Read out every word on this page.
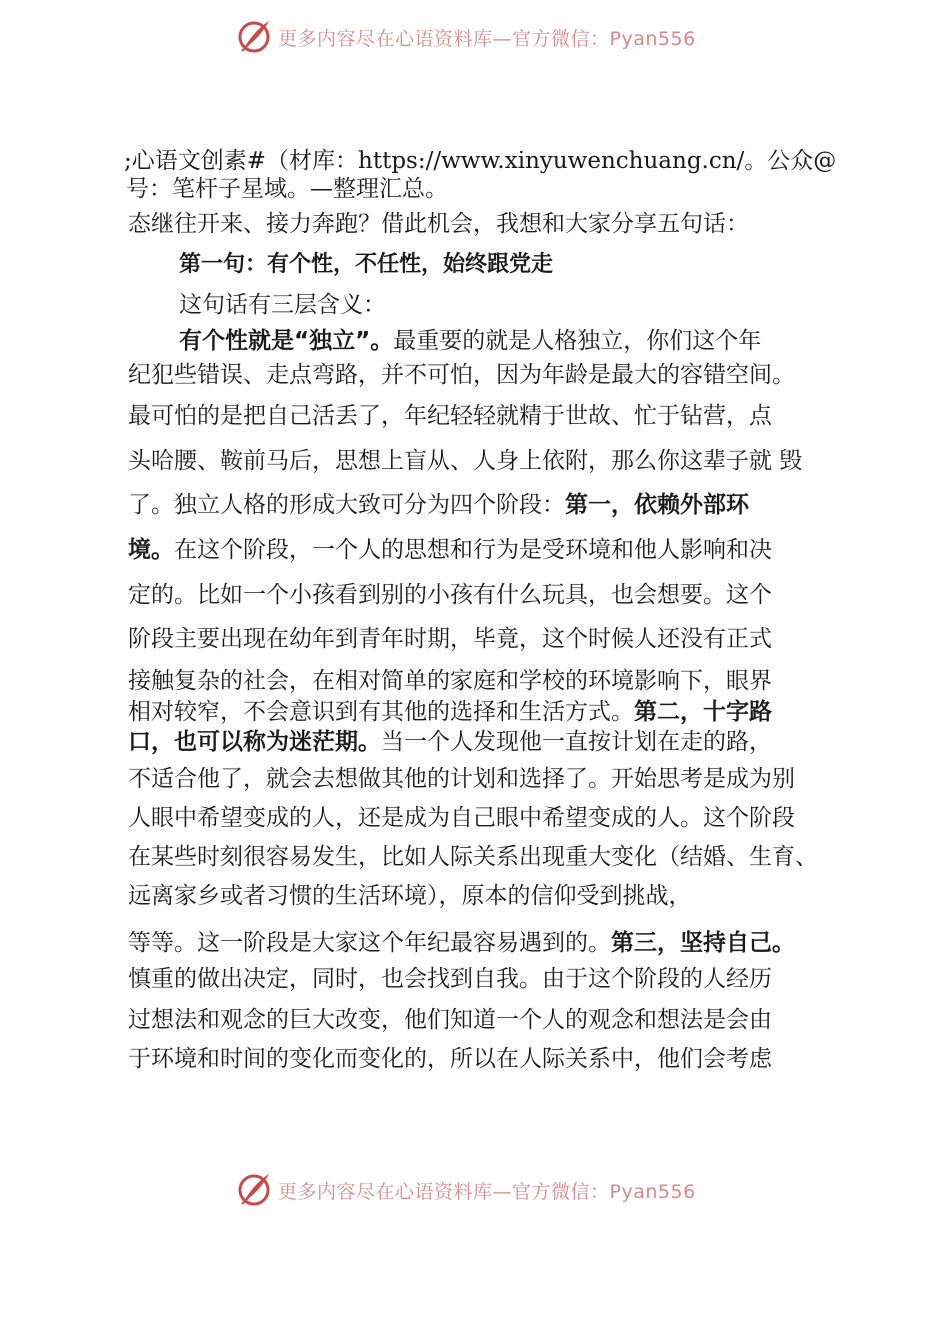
更多内容尽在心语资料库—官方微信：Pyan556
;心语文创素#（材库：https://www.xinyuwenchuang.cn/。公众@
号：笔杆子星域。—整理汇总。
态继往开来、接力奔跑？借此机会，我想和大家分享五句话：
第一句：有个性，不任性，始终跟党走
这句话有三层含义：
有个性就是“独立”。最重要的就是人格独立，你们这个年
纪犯些错误、走点弯路，并不可怕，因为年龄是最大的容错空间。
最可怕的是把自己活丢了，年纪轻轻就精于世故、忙于钻营，点
头哈腰、鞍前马后，思想上盲从、人身上依附，那么你这辈子就 毁
了。独立人格的形成大致可分为四个阶段：第一，依赖外部环
境。在这个阶段，一个人的思想和行为是受环境和他人影响和决
定的。比如一个小孩看到别的小孩有什么玩具，也会想要。这个
阶段主要出现在幼年到青年时期，毕竟，这个时候人还没有正式
接触复杂的社会，在相对简单的家庭和学校的环境影响下，眼界
相对较窄，不会意识到有其他的选择和生活方式。第二，十字路
口，也可以称为迷茫期。当一个人发现他一直按计划在走的路，
不适合他了，就会去想做其他的计划和选择了。开始思考是成为别
人眼中希望变成的人，还是成为自己眼中希望变成的人。这个阶段
在某些时刻很容易发生，比如人际关系出现重大变化（结婚、生育、
远离家乡或者习惯的生活环境），原本的信仰受到挑战，
等等。这一阶段是大家这个年纪最容易遇到的。第三，坚持自己。
慎重的做出决定，同时，也会找到自我。由于这个阶段的人经历
过想法和观念的巨大改变，他们知道一个人的观念和想法是会由
于环境和时间的变化而变化的，所以在人际关系中，他们会考虑
更多内容尽在心语资料库—官方微信：Pyan556
